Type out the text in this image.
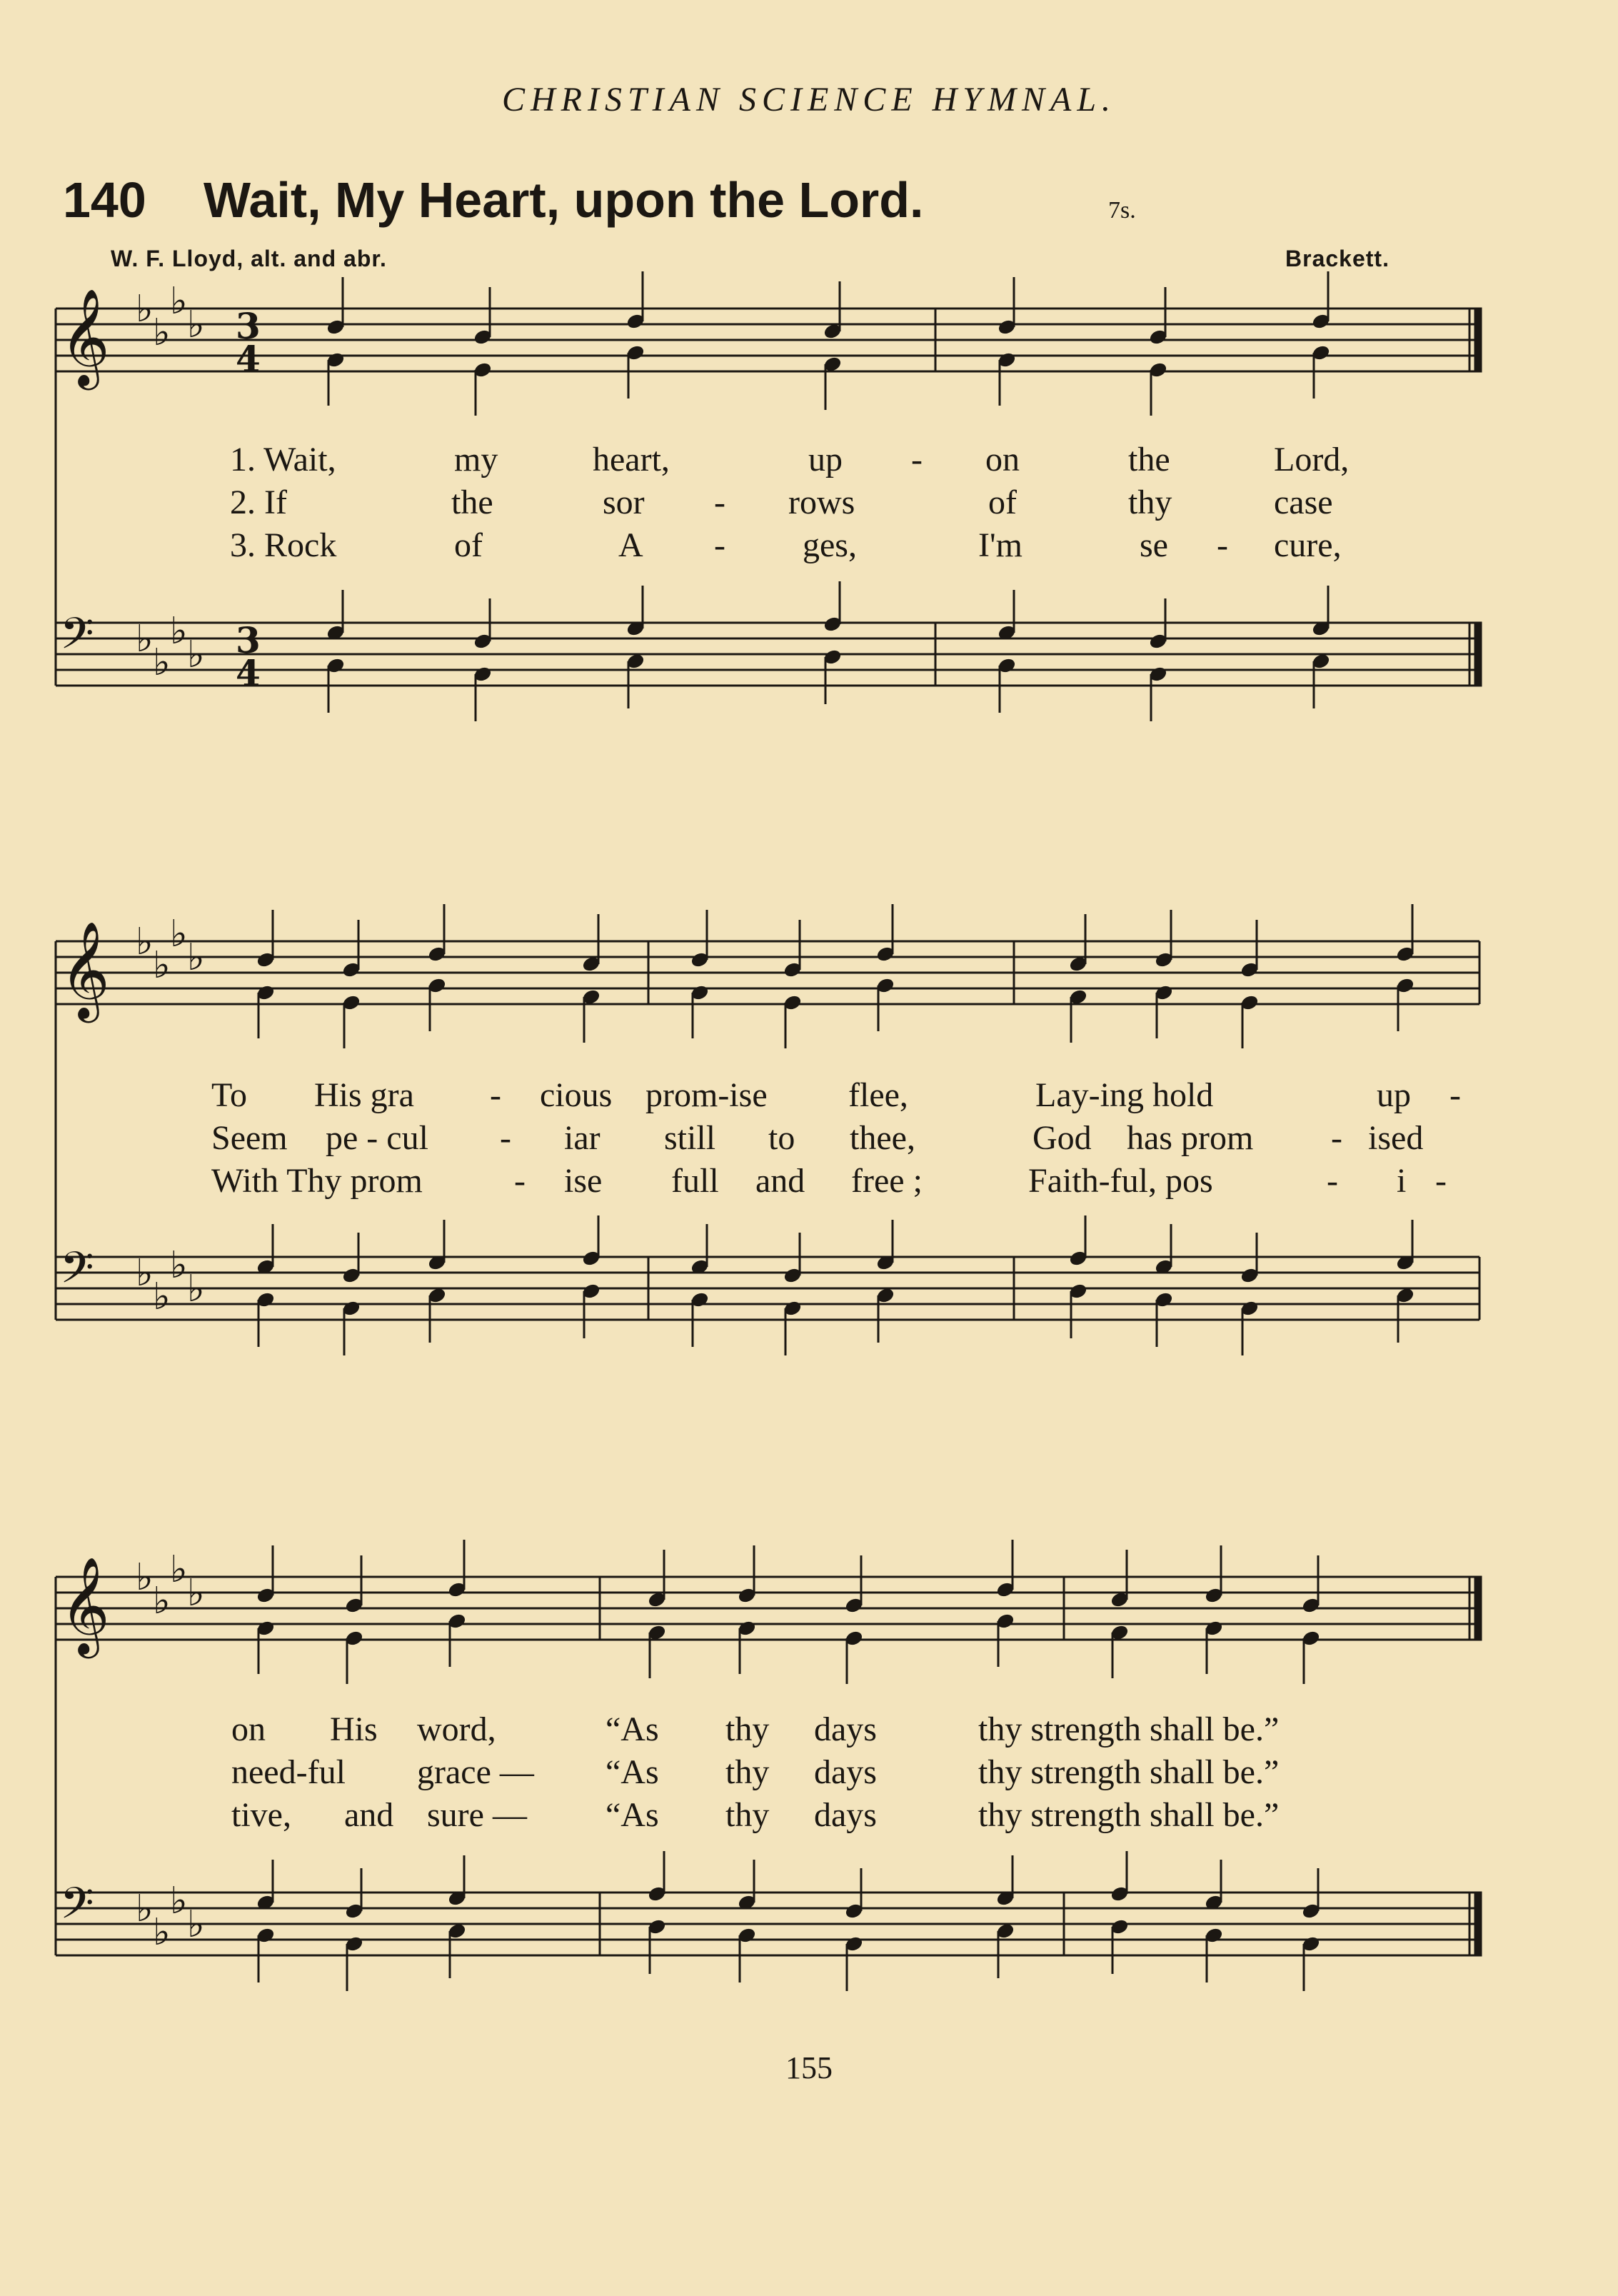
CHRISTIAN SCIENCE HYMNAL.
140 Wait, My Heart, upon the Lord.	7s.
W. F. Lloyd, alt. and abr.	Brackett.
𝄞 ♭
♭
♭
♭ 3
4
𝄢 ♭
♭
♭
♭ 3
4
𝄞 ♭
♭
♭
♭
𝄢 ♭
♭
♭
♭
𝄞 ♭
♭
♭
♭
𝄢 ♭
♭
♭
♭
1. Wait,	my	heart,	up - on	the	Lord,
2. If	the	sor - rows	of	thy	case
3. Rock	of	A - ges,	I'm	se - cure,
To His gra - cious prom-ise flee,	Lay-ing hold	up -
Seem pe - cul - iar still to thee,	God has prom - ised
With Thy prom	- ise full and free ;	Faith-ful, pos	- i -
on His word,	“As thy days	thy strength shall be.”
need-ful grace — “As thy days	thy strength shall be.”
tive, and sure — “As thy days	thy strength shall be.”
155
